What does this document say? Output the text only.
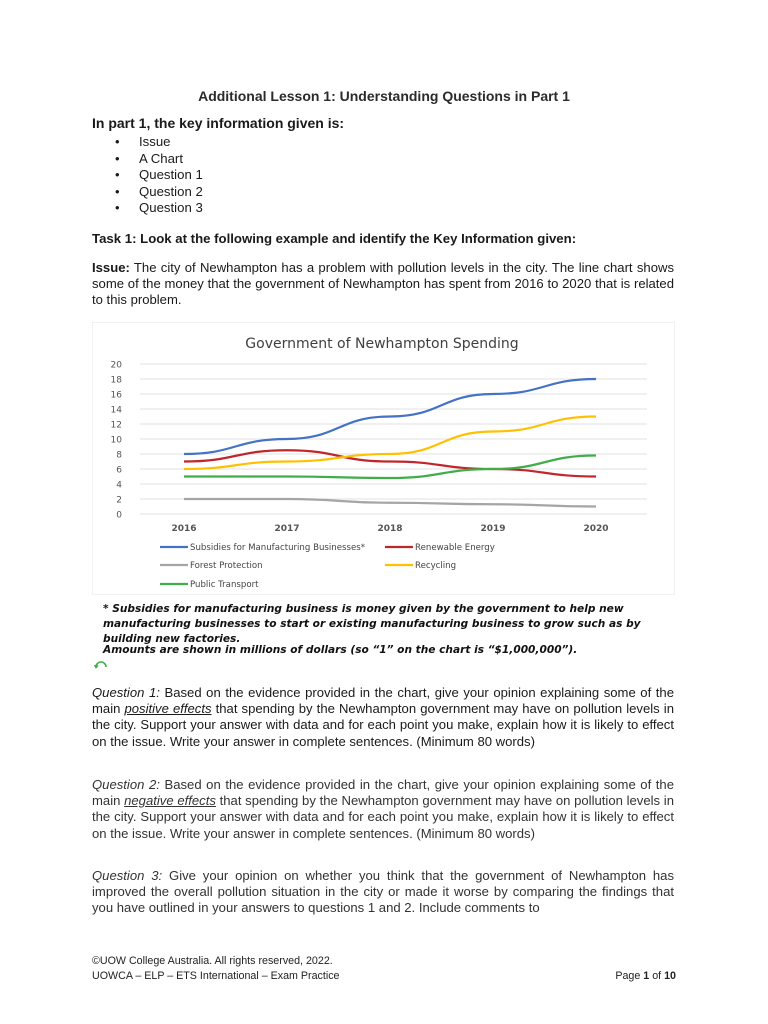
Additional Lesson 1: Understanding Questions in Part 1
In part 1, the key information given is:
• Issue
• A Chart
• Question 1
• Question 2
• Question 3
Task 1: Look at the following example and identify the Key Information given:
Issue: The city of Newhampton has a problem with pollution levels in the city. The line chart shows some of the money that the government of Newhampton has spent from 2016 to 2020 that is related to this problem.
Government of Newhampton Spending
0
2
4
6
8
10
12
14
16
18
20
2016	2017	2018	2019	2020
Subsidies for Manufacturing Businesses*	Renewable Energy
Forest Protection	Recycling
Public Transport
* Subsidies for manufacturing business is money given by the government to help new manufacturing businesses to start or existing manufacturing business to grow such as by building new factories.
Amounts are shown in millions of dollars (so “1” on the chart is “$1,000,000”).
Question 1: Based on the evidence provided in the chart, give your opinion explaining some of the main positive effects that spending by the Newhampton government may have on pollution levels in the city. Support your answer with data and for each point you make, explain how it is likely to effect on the issue. Write your answer in complete sentences. (Minimum 80 words)
Question 2: Based on the evidence provided in the chart, give your opinion explaining some of the main negative effects that spending by the Newhampton government may have on pollution levels in the city. Support your answer with data and for each point you make, explain how it is likely to effect on the issue. Write your answer in complete sentences. (Minimum 80 words)
Question 3: Give your opinion on whether you think that the government of Newhampton has improved the overall pollution situation in the city or made it worse by comparing the findings that you have outlined in your answers to questions 1 and 2. Include comments to
©UOW College Australia. All rights reserved, 2022.
UOWCA – ELP – ETS International – Exam Practice	Page 1 of 10
